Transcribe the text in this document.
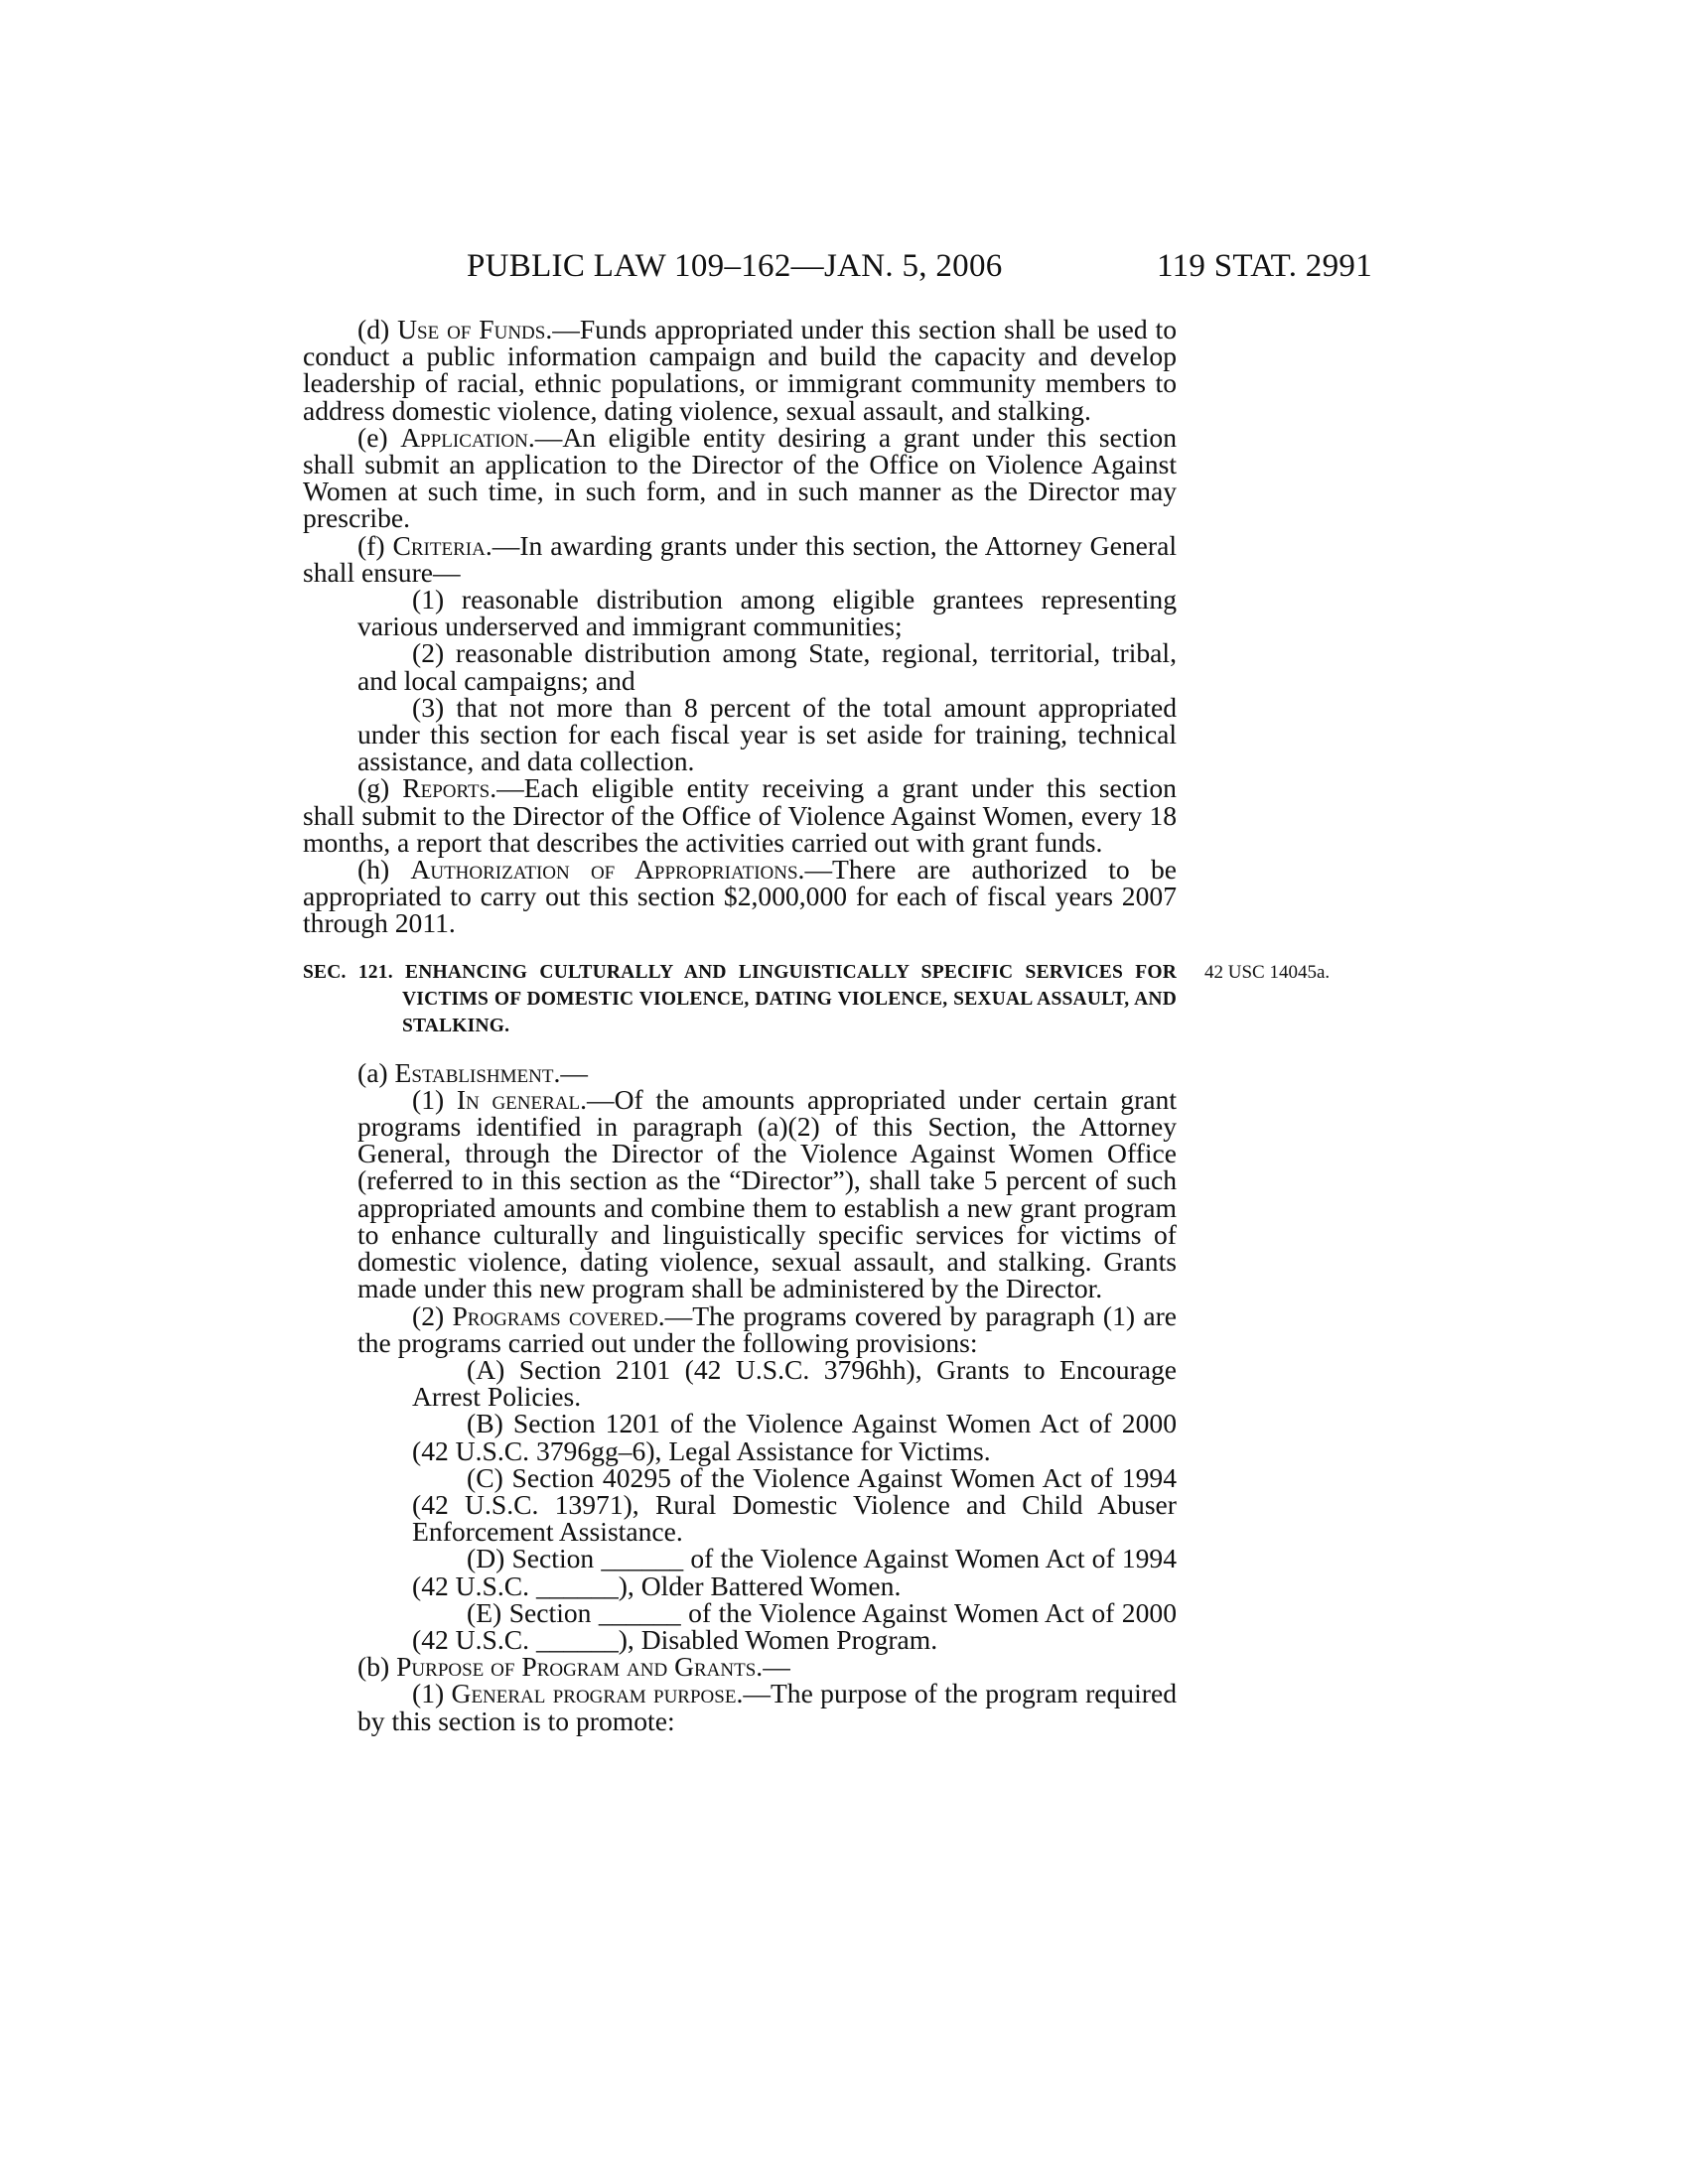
PUBLIC LAW 109–162—JAN. 5, 2006	119 STAT. 2991

(d) Use of Funds.—Funds appropriated under this section shall be used to conduct a public information campaign and build the capacity and develop leadership of racial, ethnic populations, or immigrant community members to address domestic violence, dating violence, sexual assault, and stalking.

(e) Application.—An eligible entity desiring a grant under this section shall submit an application to the Director of the Office on Violence Against Women at such time, in such form, and in such manner as the Director may prescribe.

(f) Criteria.—In awarding grants under this section, the Attorney General shall ensure—

(1) reasonable distribution among eligible grantees representing various underserved and immigrant communities;

(2) reasonable distribution among State, regional, territorial, tribal, and local campaigns; and

(3) that not more than 8 percent of the total amount appropriated under this section for each fiscal year is set aside for training, technical assistance, and data collection.

(g) Reports.—Each eligible entity receiving a grant under this section shall submit to the Director of the Office of Violence Against Women, every 18 months, a report that describes the activities carried out with grant funds.

(h) Authorization of Appropriations.—There are authorized to be appropriated to carry out this section $2,000,000 for each of fiscal years 2007 through 2011.

SEC. 121. ENHANCING CULTURALLY AND LINGUISTICALLY SPECIFIC SERVICES FOR VICTIMS OF DOMESTIC VIOLENCE, DATING VIOLENCE, SEXUAL ASSAULT, AND STALKING.

42 USC 14045a.

(a) Establishment.—

(1) In general.—Of the amounts appropriated under certain grant programs identified in paragraph (a)(2) of this Section, the Attorney General, through the Director of the Violence Against Women Office (referred to in this section as the “Director”), shall take 5 percent of such appropriated amounts and combine them to establish a new grant program to enhance culturally and linguistically specific services for victims of domestic violence, dating violence, sexual assault, and stalking. Grants made under this new program shall be administered by the Director.

(2) Programs covered.—The programs covered by paragraph (1) are the programs carried out under the following provisions:

(A) Section 2101 (42 U.S.C. 3796hh), Grants to Encourage Arrest Policies.

(B) Section 1201 of the Violence Against Women Act of 2000 (42 U.S.C. 3796gg–6), Legal Assistance for Victims.

(C) Section 40295 of the Violence Against Women Act of 1994 (42 U.S.C. 13971), Rural Domestic Violence and Child Abuser Enforcement Assistance.

(D) Section ______ of the Violence Against Women Act of 1994 (42 U.S.C. ______), Older Battered Women.

(E) Section ______ of the Violence Against Women Act of 2000 (42 U.S.C. ______), Disabled Women Program.

(b) Purpose of Program and Grants.—

(1) General program purpose.—The purpose of the program required by this section is to promote:
